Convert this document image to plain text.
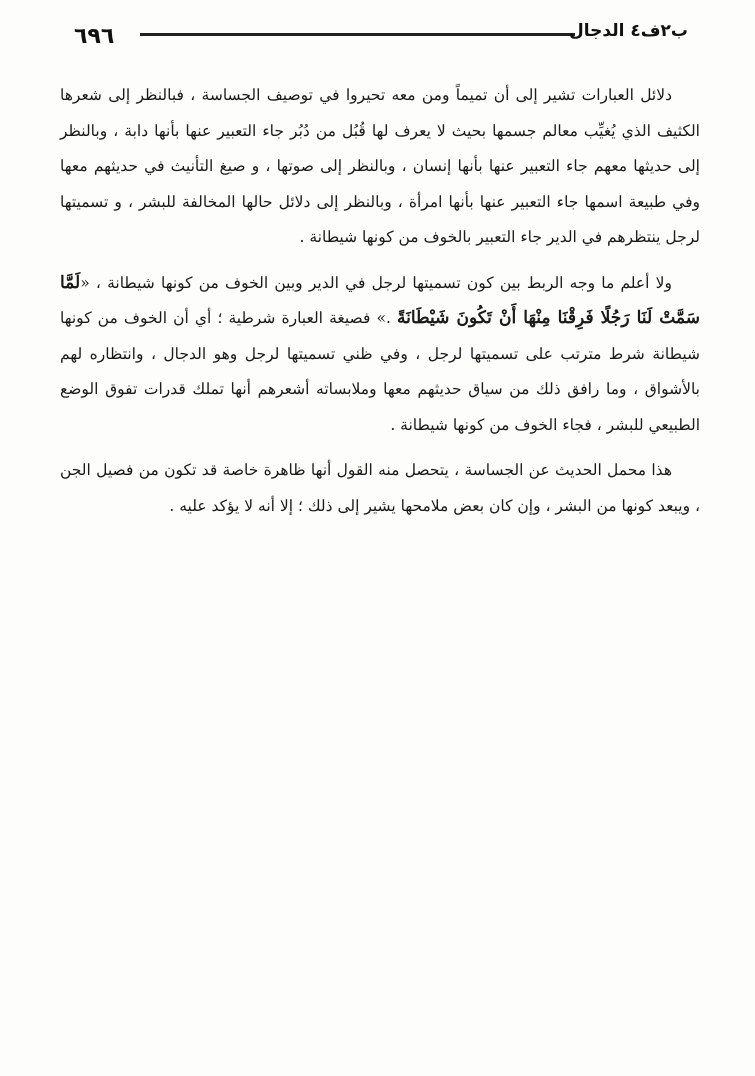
٦٩٦	ب٢ف٤ الدجال

دلائل العبارات تشير إلى أن تميماً ومن معه تحيروا في توصيف الجساسة ، فبالنظر إلى شعرها الكثيف الذي يُغيِّب معالم جسمها بحيث لا يعرف لها قُبُل من دُبُر جاء التعبير عنها بأنها دابة ، وبالنظر إلى حديثها معهم جاء التعبير عنها بأنها إنسان ، وبالنظر إلى صوتها ، و صيغ التأنيث في حديثهم معها وفي طبيعة اسمها جاء التعبير عنها بأنها امرأة ، وبالنظر إلى دلائل حالها المخالفة للبشر ، و تسميتها لرجل ينتظرهم في الدير جاء التعبير بالخوف من كونها شيطانة .

ولا أعلم ما وجه الربط بين كون تسميتها لرجل في الدير وبين الخوف من كونها شيطانة ، «لَمَّا سَمَّتْ لَنَا رَجُلًا فَرِقْنَا مِنْهَا أَنْ تَكُونَ شَيْطَانَةً .» فصيغة العبارة شرطية ؛ أي أن الخوف من كونها شيطانة شرط مترتب على تسميتها لرجل ، وفي ظني تسميتها لرجل وهو الدجال ، وانتظاره لهم بالأشواق ، وما رافق ذلك من سياق حديثهم معها وملابساته أشعرهم أنها تملك قدرات تفوق الوضع الطبيعي للبشر ، فجاء الخوف من كونها شيطانة .

هذا محمل الحديث عن الجساسة ، يتحصل منه القول أنها ظاهرة خاصة قد تكون من فصيل الجن ، ويبعد كونها من البشر ، وإن كان بعض ملامحها يشير إلى ذلك ؛ إلا أنه لا يؤكد عليه .
